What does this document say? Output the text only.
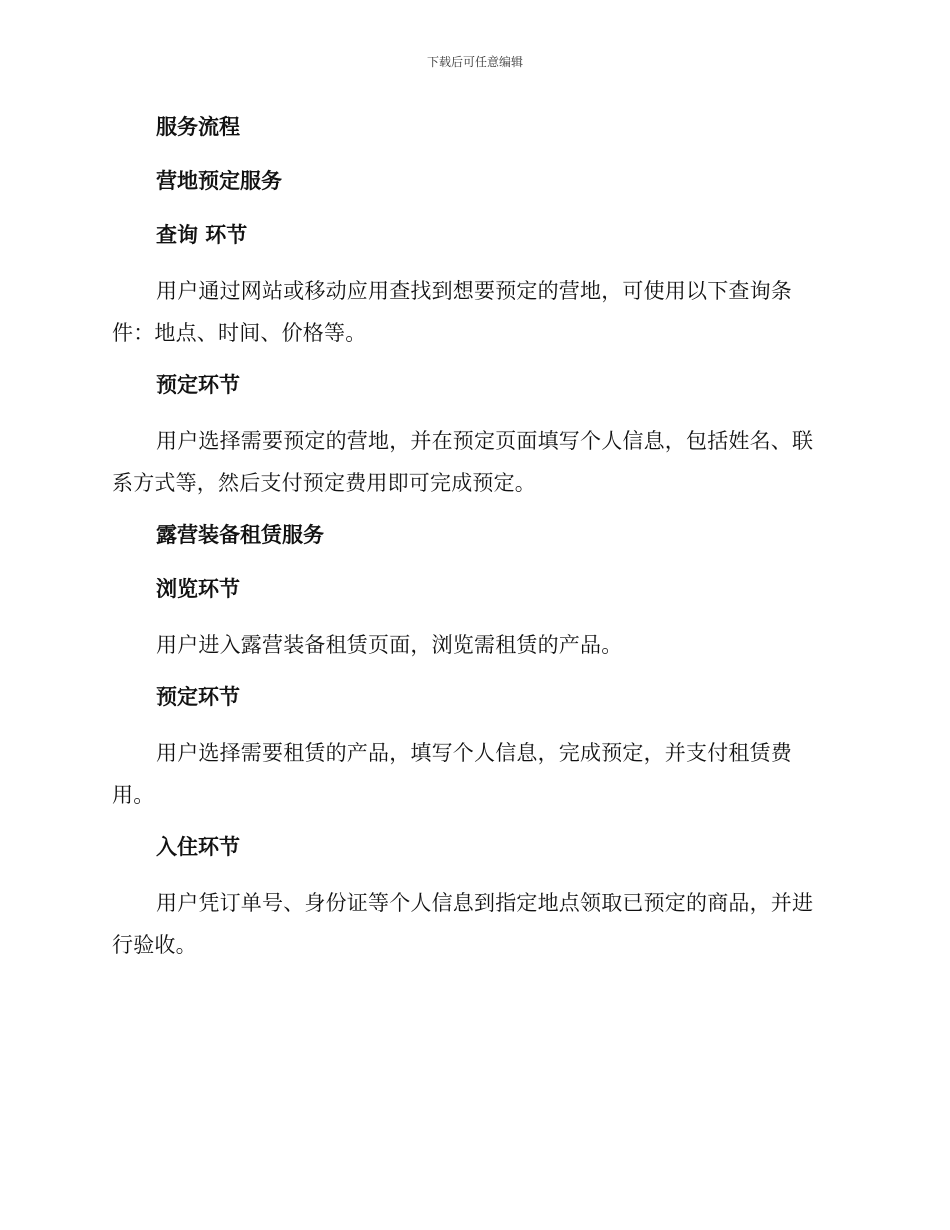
下载后可任意编辑
服务流程
营地预定服务
查询 环节

用户通过网站或移动应用查找到想要预定的营地，可使用以下查询条件：地点、时间、价格等。

预定环节

用户选择需要预定的营地，并在预定页面填写个人信息，包括姓名、联系方式等，然后支付预定费用即可完成预定。

露营装备租赁服务
浏览环节

用户进入露营装备租赁页面，浏览需租赁的产品。

预定环节

用户选择需要租赁的产品，填写个人信息，完成预定，并支付租赁费用。

入住环节

用户凭订单号、身份证等个人信息到指定地点领取已预定的商品，并进行验收。
